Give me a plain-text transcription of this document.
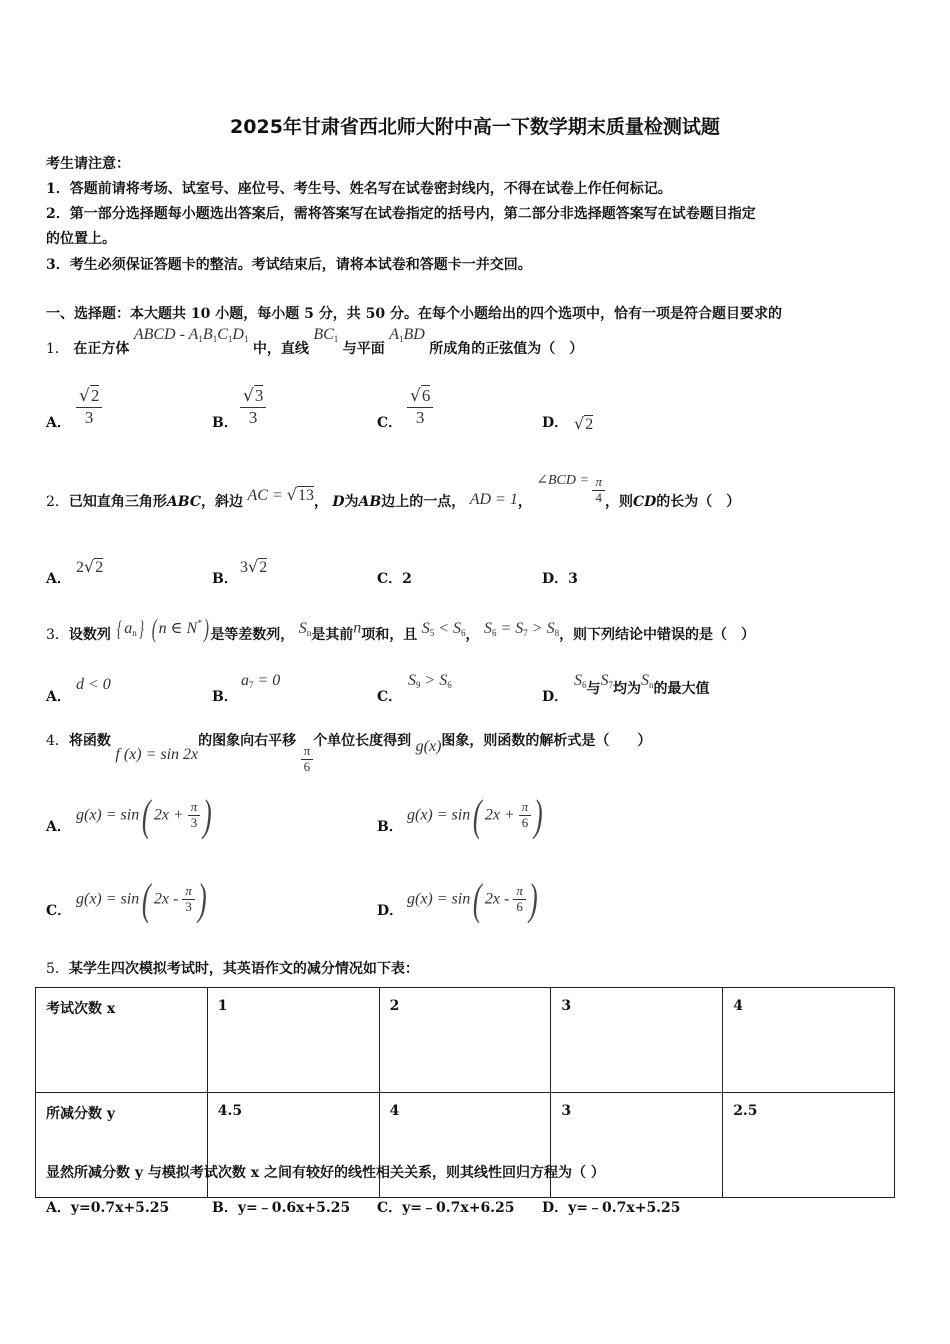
2025年甘肃省西北师大附中高一下数学期末质量检测试题
考生请注意：
1．答题前请将考场、试室号、座位号、考生号、姓名写在试卷密封线内，不得在试卷上作任何标记。
2．第一部分选择题每小题选出答案后，需将答案写在试卷指定的括号内，第二部分非选择题答案写在试卷题目指定
的位置上。
3．考生必须保证答题卡的整洁。考试结束后，请将本试卷和答题卡一并交回。
一、选择题：本大题共 10 小题，每小题 5 分，共 50 分。在每个小题给出的四个选项中，恰有一项是符合题目要求的
1． 在正方体 ABCD - $A_1B_1C_1D_1$ 中，直线 $BC_1$ 与平面 $A_1BD$ 所成角的正弦值为（　）
A． $\frac{√2}{3}$	B． $\frac{√3}{3}$	C． $\frac{√6}{3}$	D． √2
2．已知直角三角形ABC，斜边 AC = √13， D为AB边上的一点， AD = 1， ∠BCD = $\frac{\pi}{4}$ ，则CD的长为（　）
A．
2√2
B．
3√2
C．2	D．3
3．设数列 { $a_n$} ( n ∈ N*) 是等差数列， $S_n$是其前n项和，且 $S_5 < S_6$， $S_6 = S_7 > S_8$，则下列结论中错误的是（　）
A．
d < 0
B．
$a_7 = 0$
C．
$S_9 > S_6$
D．
$S_6$与$S_7$均为$S_n$的最大值
4．将函数 f (x) = sin 2x的图象向右平移
$\frac{\pi}{6}$
个单位长度得到 g(x)图象，则函数的解析式是（　　）
A．
g(x) = sin( $2x + \frac{\pi}{3}$ )	B．
g(x) = sin( $2x + \frac{\pi}{6}$ )
C．
g(x) = sin( $2x - \frac{\pi}{3}$ )	D．
g(x) = sin( $2x - \frac{\pi}{6}$ )
5．某学生四次模拟考试时，其英语作文的减分情况如下表：
考试次数 x	1	2	3	4
所减分数 y	4.5	4	3	2.5
显然所减分数 y 与模拟考试次数 x 之间有较好的线性相关关系，则其线性回归方程为（ ）
A．y=0.7x+5.25	B．y=﹣0.6x+5.25 C．y=﹣0.7x+6.25 D．y=﹣0.7x+5.25
